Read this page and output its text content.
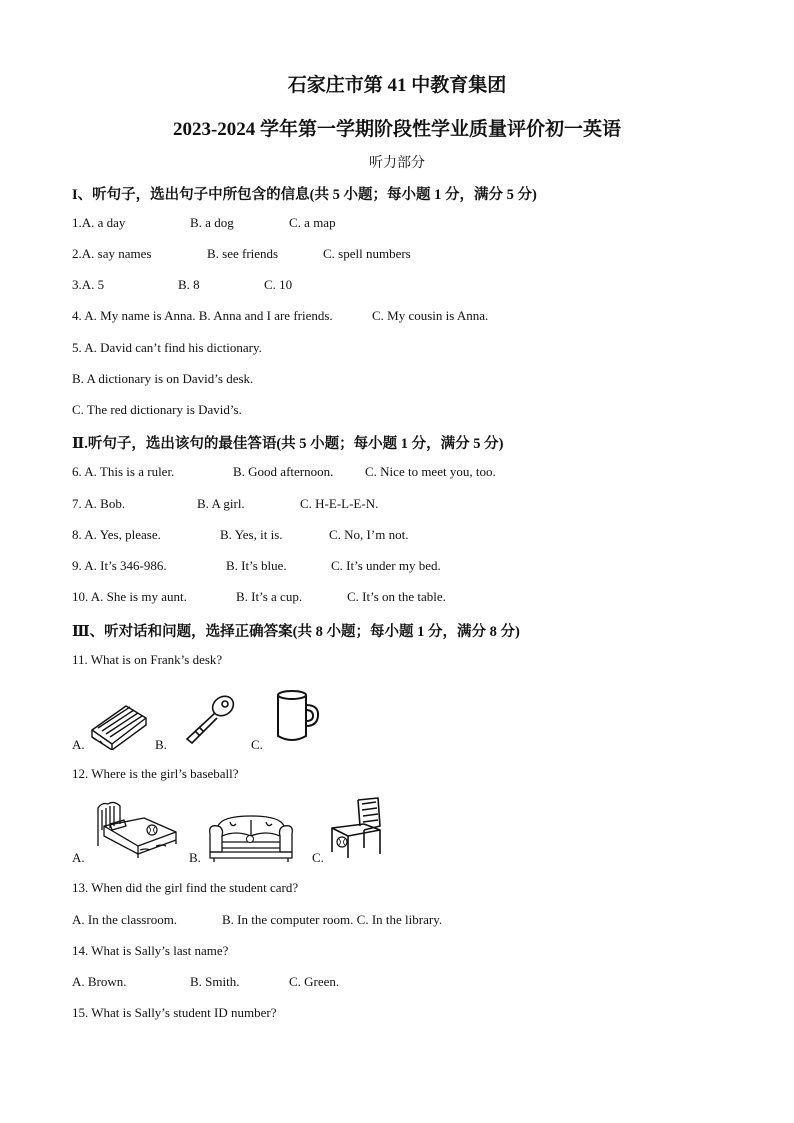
石家庄市第 41 中教育集团
2023-2024 学年第一学期阶段性学业质量评价初一英语
听力部分
I、听句子，选出句子中所包含的信息(共 5 小题；每小题 1 分，满分 5 分)
1.A. a day	B. a dog	C. a map
2.A. say names	B. see friends	C. spell numbers
3.A. 5	B. 8	C. 10
4. A. My name is Anna. B. Anna and I are friends.	C. My cousin is Anna.
5. A. David can’t find his dictionary.
B. A dictionary is on David’s desk.
C. The red dictionary is David’s.
Ⅱ.听句子，选出该句的最佳答语(共 5 小题；每小题 1 分，满分 5 分)
6. A. This is a ruler.	B. Good afternoon. C. Nice to meet you, too.
7. A. Bob.	B. A girl.	C. H-E-L-E-N.
8. A. Yes, please.	B. Yes, it is.	C. No, I’m not.
9. A. It’s 346-986.	B. It’s blue.	C. It’s under my bed.
10. A. She is my aunt.	B. It’s a cup.	C. It’s on the table.
Ⅲ、听对话和问题，选择正确答案(共 8 小题；每小题 1 分，满分 8 分)
11. What is on Frank’s desk?
A.	B.	C.
12. Where is the girl’s baseball?
A.	B.	C.
13. When did the girl find the student card?
A. In the classroom.	B. In the computer room. C. In the library.
14. What is Sally’s last name?
A. Brown.	B. Smith.	C. Green.
15. What is Sally’s student ID number?
